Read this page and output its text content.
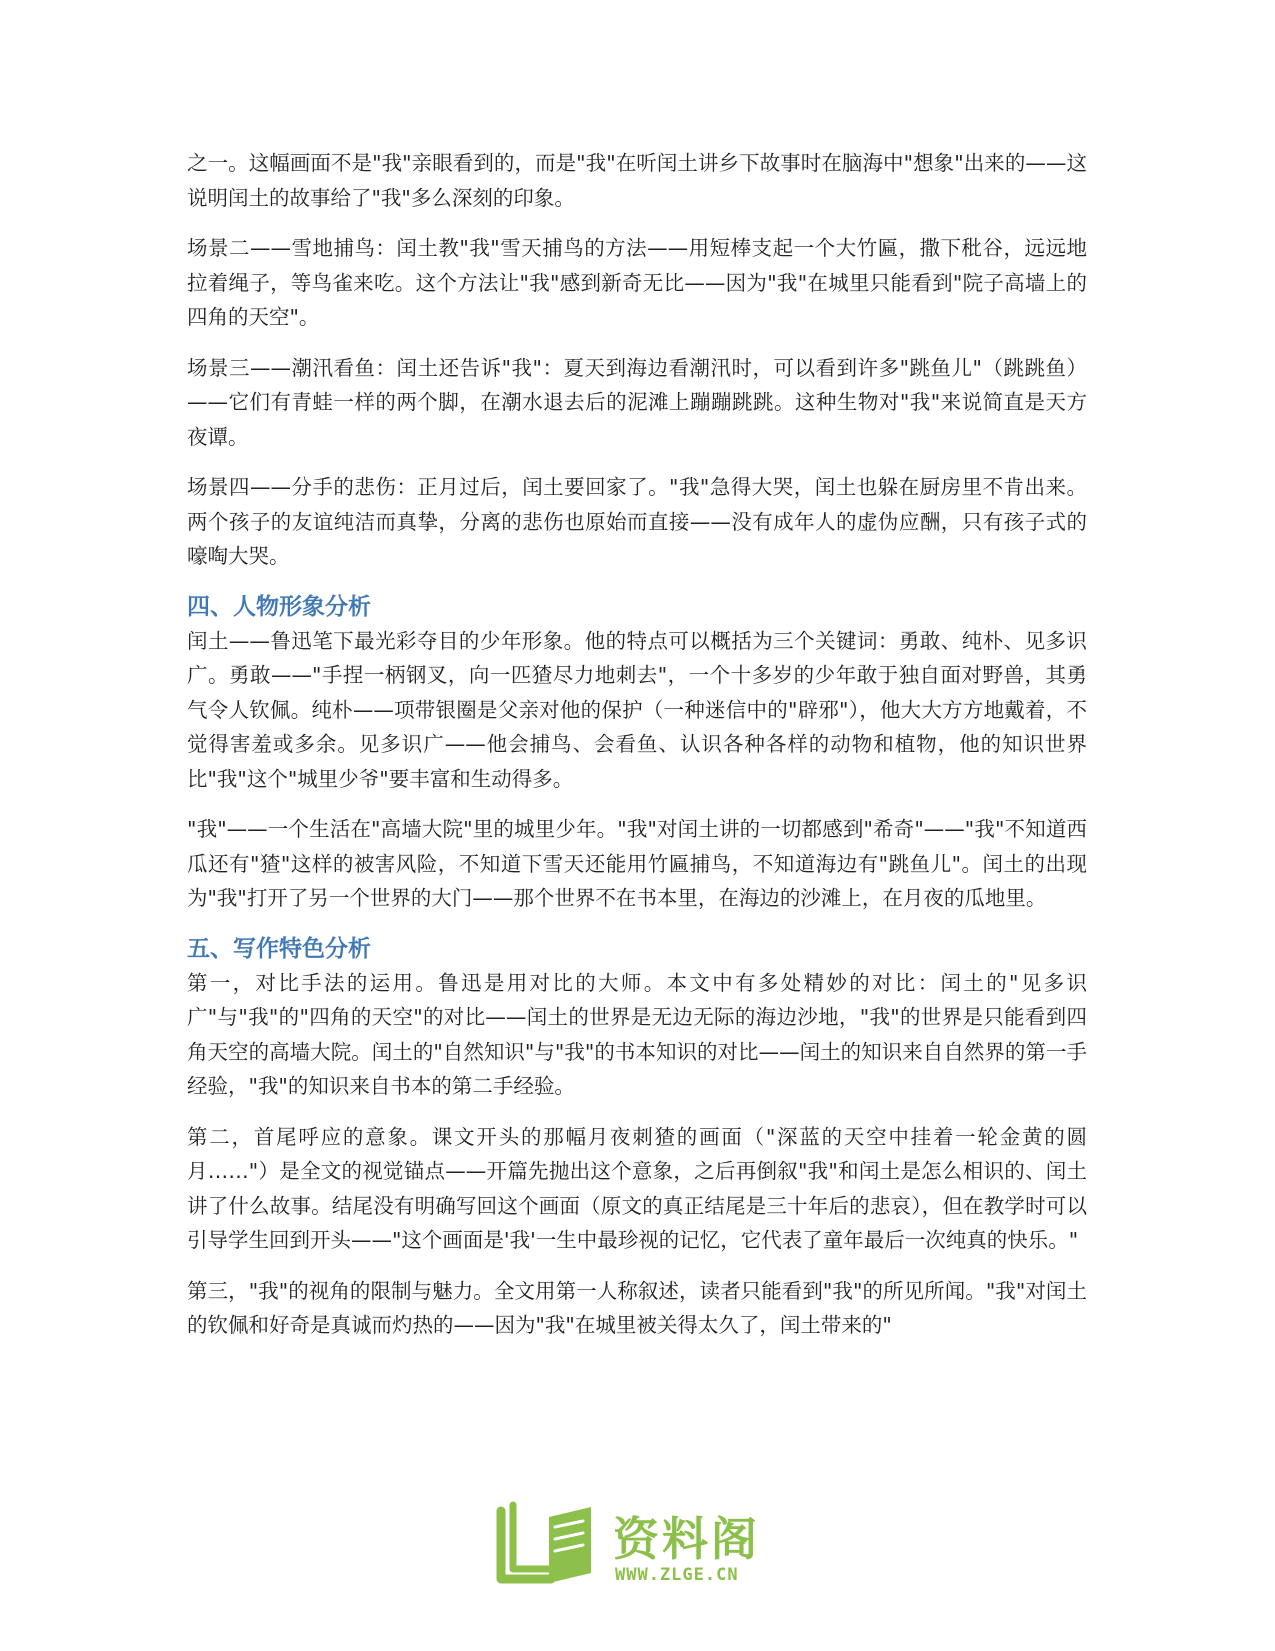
之一。这幅画面不是"我"亲眼看到的，而是"我"在听闰土讲乡下故事时在脑海中"想象"出来的——这说明闰土的故事给了"我"多么深刻的印象。

场景二——雪地捕鸟：闰土教"我"雪天捕鸟的方法——用短棒支起一个大竹匾，撒下秕谷，远远地拉着绳子，等鸟雀来吃。这个方法让"我"感到新奇无比——因为"我"在城里只能看到"院子高墙上的四角的天空"。

场景三——潮汛看鱼：闰土还告诉"我"：夏天到海边看潮汛时，可以看到许多"跳鱼儿"（跳跳鱼）——它们有青蛙一样的两个脚，在潮水退去后的泥滩上蹦蹦跳跳。这种生物对"我"来说简直是天方夜谭。

场景四——分手的悲伤：正月过后，闰土要回家了。"我"急得大哭，闰土也躲在厨房里不肯出来。两个孩子的友谊纯洁而真挚，分离的悲伤也原始而直接——没有成年人的虚伪应酬，只有孩子式的嚎啕大哭。

四、人物形象分析

闰土——鲁迅笔下最光彩夺目的少年形象。他的特点可以概括为三个关键词：勇敢、纯朴、见多识广。勇敢——"手捏一柄钢叉，向一匹猹尽力地刺去"，一个十多岁的少年敢于独自面对野兽，其勇气令人钦佩。纯朴——项带银圈是父亲对他的保护（一种迷信中的"辟邪"），他大大方方地戴着，不觉得害羞或多余。见多识广——他会捕鸟、会看鱼、认识各种各样的动物和植物，他的知识世界比"我"这个"城里少爷"要丰富和生动得多。

"我"——一个生活在"高墙大院"里的城里少年。"我"对闰土讲的一切都感到"希奇"——"我"不知道西瓜还有"猹"这样的被害风险，不知道下雪天还能用竹匾捕鸟，不知道海边有"跳鱼儿"。闰土的出现为"我"打开了另一个世界的大门——那个世界不在书本里，在海边的沙滩上，在月夜的瓜地里。

五、写作特色分析

第一，对比手法的运用。鲁迅是用对比的大师。本文中有多处精妙的对比：闰土的"见多识广"与"我"的"四角的天空"的对比——闰土的世界是无边无际的海边沙地，"我"的世界是只能看到四角天空的高墙大院。闰土的"自然知识"与"我"的书本知识的对比——闰土的知识来自自然界的第一手经验，"我"的知识来自书本的第二手经验。

第二，首尾呼应的意象。课文开头的那幅月夜刺猹的画面（"深蓝的天空中挂着一轮金黄的圆月……"）是全文的视觉锚点——开篇先抛出这个意象，之后再倒叙"我"和闰土是怎么相识的、闰土讲了什么故事。结尾没有明确写回这个画面（原文的真正结尾是三十年后的悲哀），但在教学时可以引导学生回到开头——"这个画面是'我'一生中最珍视的记忆，它代表了童年最后一次纯真的快乐。"

第三，"我"的视角的限制与魅力。全文用第一人称叙述，读者只能看到"我"的所见所闻。"我"对闰土的钦佩和好奇是真诚而灼热的——因为"我"在城里被关得太久了，闰土带来的"

资料阁
WWW.ZLGE.CN
